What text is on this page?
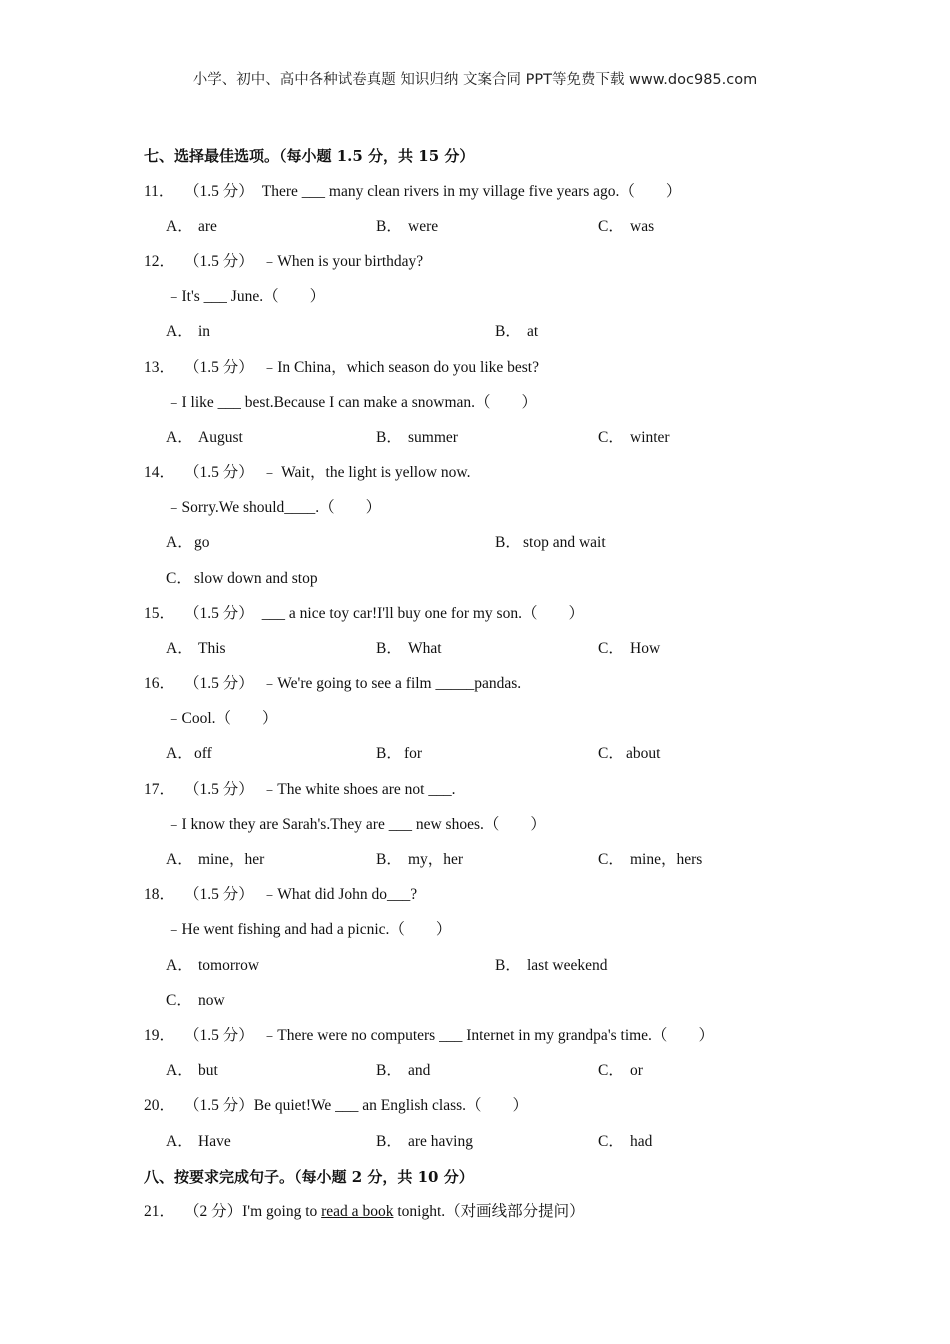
小学、初中、高中各种试卷真题 知识归纳 文案合同 PPT等免费下载 www.doc985.com
七、选择最佳选项。（每小题 1.5 分，共 15 分）
11． （1.5 分） There ___ many clean rivers in my village five years ago.（　　）
A． are	B． were	C． was
12． （1.5 分） ﹣When is your birthday?
﹣It's ___ June.（　　）
A． in	B． at
13． （1.5 分） ﹣In China，which season do you like best?
﹣I like ___ best.Because I can make a snowman.（　　）
A． August	B． summer	C． winter
14． （1.5 分） ﹣ Wait，the light is yellow now.
﹣Sorry.We should____.（　　）
A．go	B． stop and wait
C． slow down and stop
15． （1.5 分） ___ a nice toy car!I'll buy one for my son.（　　）
A． This	B． What	C． How
16． （1.5 分） ﹣We're going to see a film _____pandas.
﹣Cool.（　　）
A．off	B． for	C． about
17． （1.5 分） ﹣The white shoes are not ___.
﹣I know they are Sarah's.They are ___ new shoes.（　　）
A． mine，her	B． my，her	C． mine，hers
18． （1.5 分） ﹣What did John do___?
﹣He went fishing and had a picnic.（　　）
A． tomorrow	B． last weekend
C． now
19． （1.5 分） ﹣There were no computers ___ Internet in my grandpa's time.（　　）
A． but	B． and	C． or
20． （1.5 分）Be quiet!We ___ an English class.（　　）
A． Have	B． are having	C． had
八、按要求完成句子。（每小题 2 分，共 10 分）
21． （2 分）I'm going to read a book tonight.（对画线部分提问）
